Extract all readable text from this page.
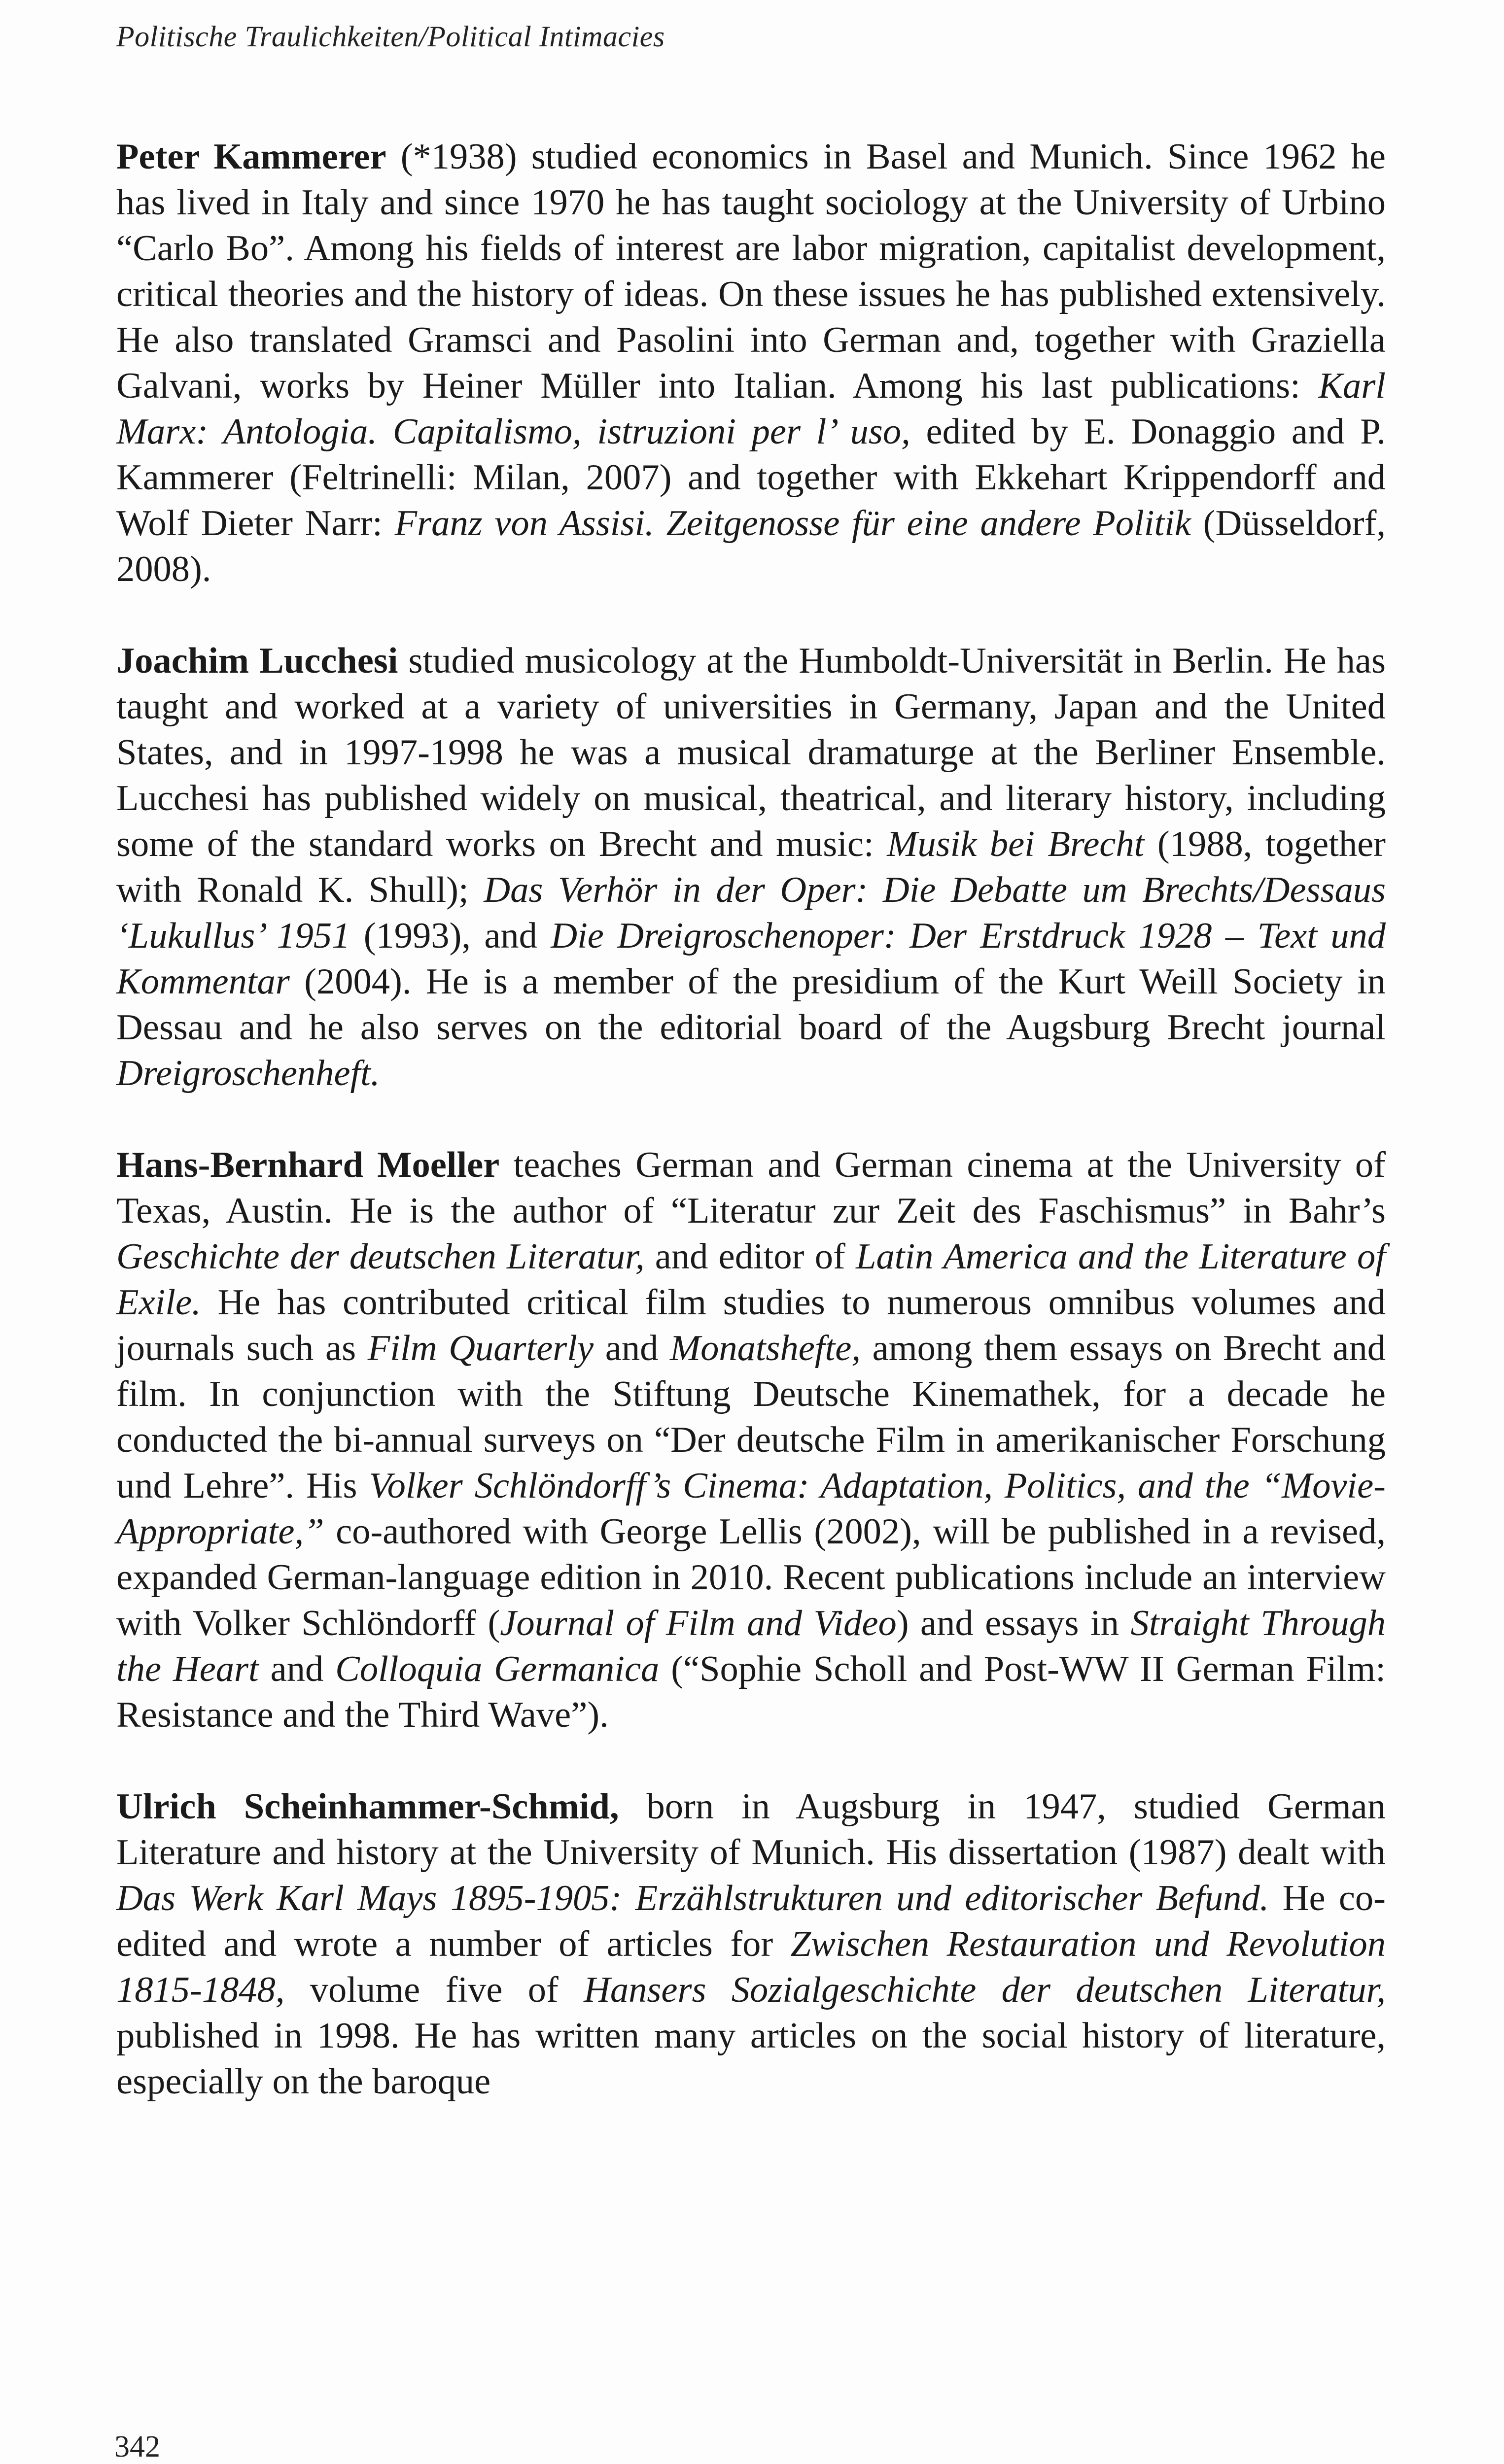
Politische Traulichkeiten/Political Intimacies

Peter Kammerer (*1938) studied economics in Basel and Munich. Since 1962 he has lived in Italy and since 1970 he has taught sociology at the University of Urbino “Carlo Bo”. Among his fields of interest are labor migration, capitalist development, critical theories and the history of ideas. On these issues he has published extensively. He also translated Gramsci and Pasolini into German and, together with Graziella Galvani, works by Heiner Müller into Italian. Among his last publications: Karl Marx: Antologia. Capitalismo, istruzioni per l’ uso, edited by E. Donaggio and P. Kammerer (Feltrinelli: Milan, 2007) and together with Ekkehart Krippendorff and Wolf Dieter Narr: Franz von Assisi. Zeitgenosse für eine andere Politik (Düsseldorf, 2008).

Joachim Lucchesi studied musicology at the Humboldt-Universität in Berlin. He has taught and worked at a variety of universities in Germany, Japan and the United States, and in 1997-1998 he was a musical dramaturge at the Berliner Ensemble. Lucchesi has published widely on musical, theatrical, and literary history, including some of the standard works on Brecht and music: Musik bei Brecht (1988, together with Ronald K. Shull); Das Verhör in der Oper: Die Debatte um Brechts/Dessaus ‘Lukullus’ 1951 (1993), and Die Dreigroschenoper: Der Erstdruck 1928 – Text und Kommentar (2004). He is a member of the presidium of the Kurt Weill Society in Dessau and he also serves on the editorial board of the Augsburg Brecht journal Dreigroschenheft.

Hans-Bernhard Moeller teaches German and German cinema at the University of Texas, Austin. He is the author of “Literatur zur Zeit des Faschismus” in Bahr’s Geschichte der deutschen Literatur, and editor of Latin America and the Literature of Exile. He has contributed critical film studies to numerous omnibus volumes and journals such as Film Quarterly and Monatshefte, among them essays on Brecht and film. In conjunction with the Stiftung Deutsche Kinemathek, for a decade he conducted the bi-annual surveys on “Der deutsche Film in amerikanischer Forschung und Lehre”. His Volker Schlöndorff’s Cinema: Adaptation, Politics, and the “Movie-Appropriate,” co-authored with George Lellis (2002), will be published in a revised, expanded German-language edition in 2010. Recent publications include an interview with Volker Schlöndorff (Journal of Film and Video) and essays in Straight Through the Heart and Colloquia Germanica (“Sophie Scholl and Post-WW II German Film: Resistance and the Third Wave”).

Ulrich Scheinhammer-Schmid, born in Augsburg in 1947, studied German Literature and history at the University of Munich. His dissertation (1987) dealt with Das Werk Karl Mays 1895-1905: Erzählstrukturen und editorischer Befund. He co-edited and wrote a number of articles for Zwischen Restauration und Revolution 1815-1848, volume five of Hansers Sozialgeschichte der deutschen Literatur, published in 1998. He has written many articles on the social history of literature, especially on the baroque

342
